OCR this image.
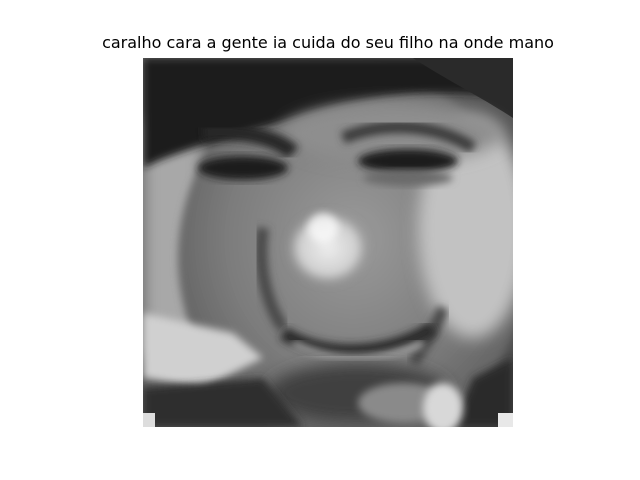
caralho cara a gente ia cuida do seu filho na onde mano
